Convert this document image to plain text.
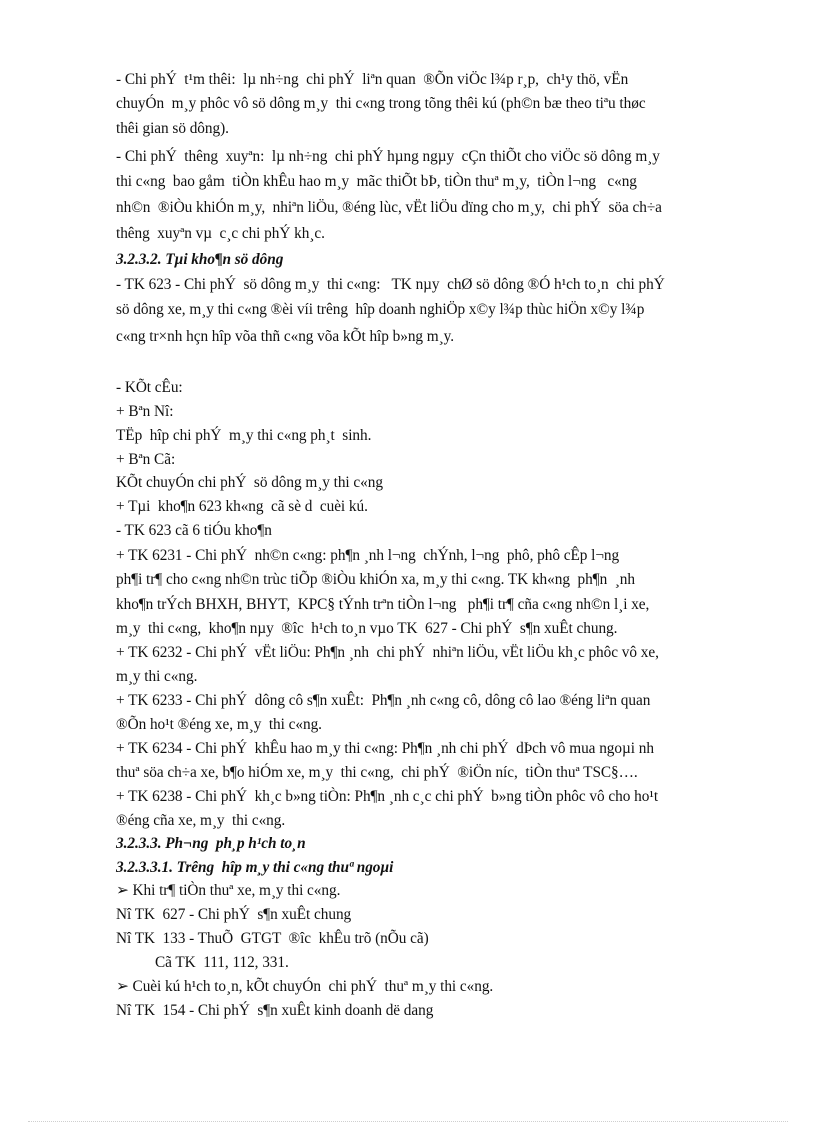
- Chi phÝ  t¹m thêi:  lµ nh÷ng  chi phÝ  liªn quan  ®Õn viÖc l¾p r¸p,  ch¹y thö, vËn
chuyÓn  m¸y phôc vô sö dông m¸y  thi c«ng trong tõng thêi kú (ph©n bæ theo tiªu thøc
thêi gian sö dông).
- Chi phÝ  thêng  xuyªn:  lµ nh÷ng  chi phÝ hµng ngµy  cÇn thiÕt cho viÖc sö dông m¸y
thi c«ng  bao gåm  tiÒn khÊu hao m¸y  mãc thiÕt bÞ, tiÒn thuª m¸y,  tiÒn l¬ng   c«ng
nh©n  ®iÒu khiÓn m¸y,  nhiªn liÖu, ®éng lùc, vËt liÖu dïng cho m¸y,  chi phÝ  söa ch÷a
thêng  xuyªn vµ  c¸c chi phÝ kh¸c.
3.2.3.2. Tµi kho¶n sö dông
- TK 623 - Chi phÝ  sö dông m¸y  thi c«ng:   TK nµy  chØ sö dông ®Ó h¹ch to¸n  chi phÝ
sö dông xe, m¸y thi c«ng ®èi víi trêng  hîp doanh nghiÖp x©y l¾p thùc hiÖn x©y l¾p
c«ng tr×nh hçn hîp võa thñ c«ng võa kÕt hîp b»ng m¸y.
- KÕt cÊu:
+ Bªn Nî:
TËp  hîp chi phÝ  m¸y thi c«ng ph¸t  sinh.
+ Bªn Cã:
KÕt chuyÓn chi phÝ  sö dông m¸y thi c«ng
+ Tµi  kho¶n 623 kh«ng  cã sè d  cuèi kú.
- TK 623 cã 6 tiÓu kho¶n
+ TK 6231 - Chi phÝ  nh©n c«ng: ph¶n ¸nh l¬ng  chÝnh, l¬ng  phô, phô cÊp l¬ng
ph¶i tr¶ cho c«ng nh©n trùc tiÕp ®iÒu khiÓn xa, m¸y thi c«ng. TK kh«ng  ph¶n  ¸nh
kho¶n trÝch BHXH, BHYT,  KPC§ tÝnh trªn tiÒn l¬ng   ph¶i tr¶ cña c«ng nh©n l¸i xe,
m¸y  thi c«ng,  kho¶n nµy  ®îc  h¹ch to¸n vµo TK  627 - Chi phÝ  s¶n xuÊt chung.
+ TK 6232 - Chi phÝ  vËt liÖu: Ph¶n ¸nh  chi phÝ  nhiªn liÖu, vËt liÖu kh¸c phôc vô xe,
m¸y thi c«ng.
+ TK 6233 - Chi phÝ  dông cô s¶n xuÊt:  Ph¶n ¸nh c«ng cô, dông cô lao ®éng liªn quan
®Õn ho¹t ®éng xe, m¸y  thi c«ng.
+ TK 6234 - Chi phÝ  khÊu hao m¸y thi c«ng: Ph¶n ¸nh chi phÝ  dÞch vô mua ngoµi nh
thuª söa ch÷a xe, b¶o hiÓm xe, m¸y  thi c«ng,  chi phÝ  ®iÖn níc,  tiÒn thuª TSC§….
+ TK 6238 - Chi phÝ  kh¸c b»ng tiÒn: Ph¶n ¸nh c¸c chi phÝ  b»ng tiÒn phôc vô cho ho¹t
®éng cña xe, m¸y  thi c«ng.
3.2.3.3. Ph¬ng  ph¸p h¹ch to¸n
3.2.3.3.1. Trêng  hîp m¸y thi c«ng thuª ngoµi
➢ Khi tr¶ tiÒn thuª xe, m¸y thi c«ng.
Nî TK  627 - Chi phÝ  s¶n xuÊt chung
Nî TK  133 - ThuÕ  GTGT  ®îc  khÊu trõ (nÕu cã)
Cã TK  111, 112, 331.
➢ Cuèi kú h¹ch to¸n, kÕt chuyÓn  chi phÝ  thuª m¸y thi c«ng.
Nî TK  154 - Chi phÝ  s¶n xuÊt kinh doanh dë dang
